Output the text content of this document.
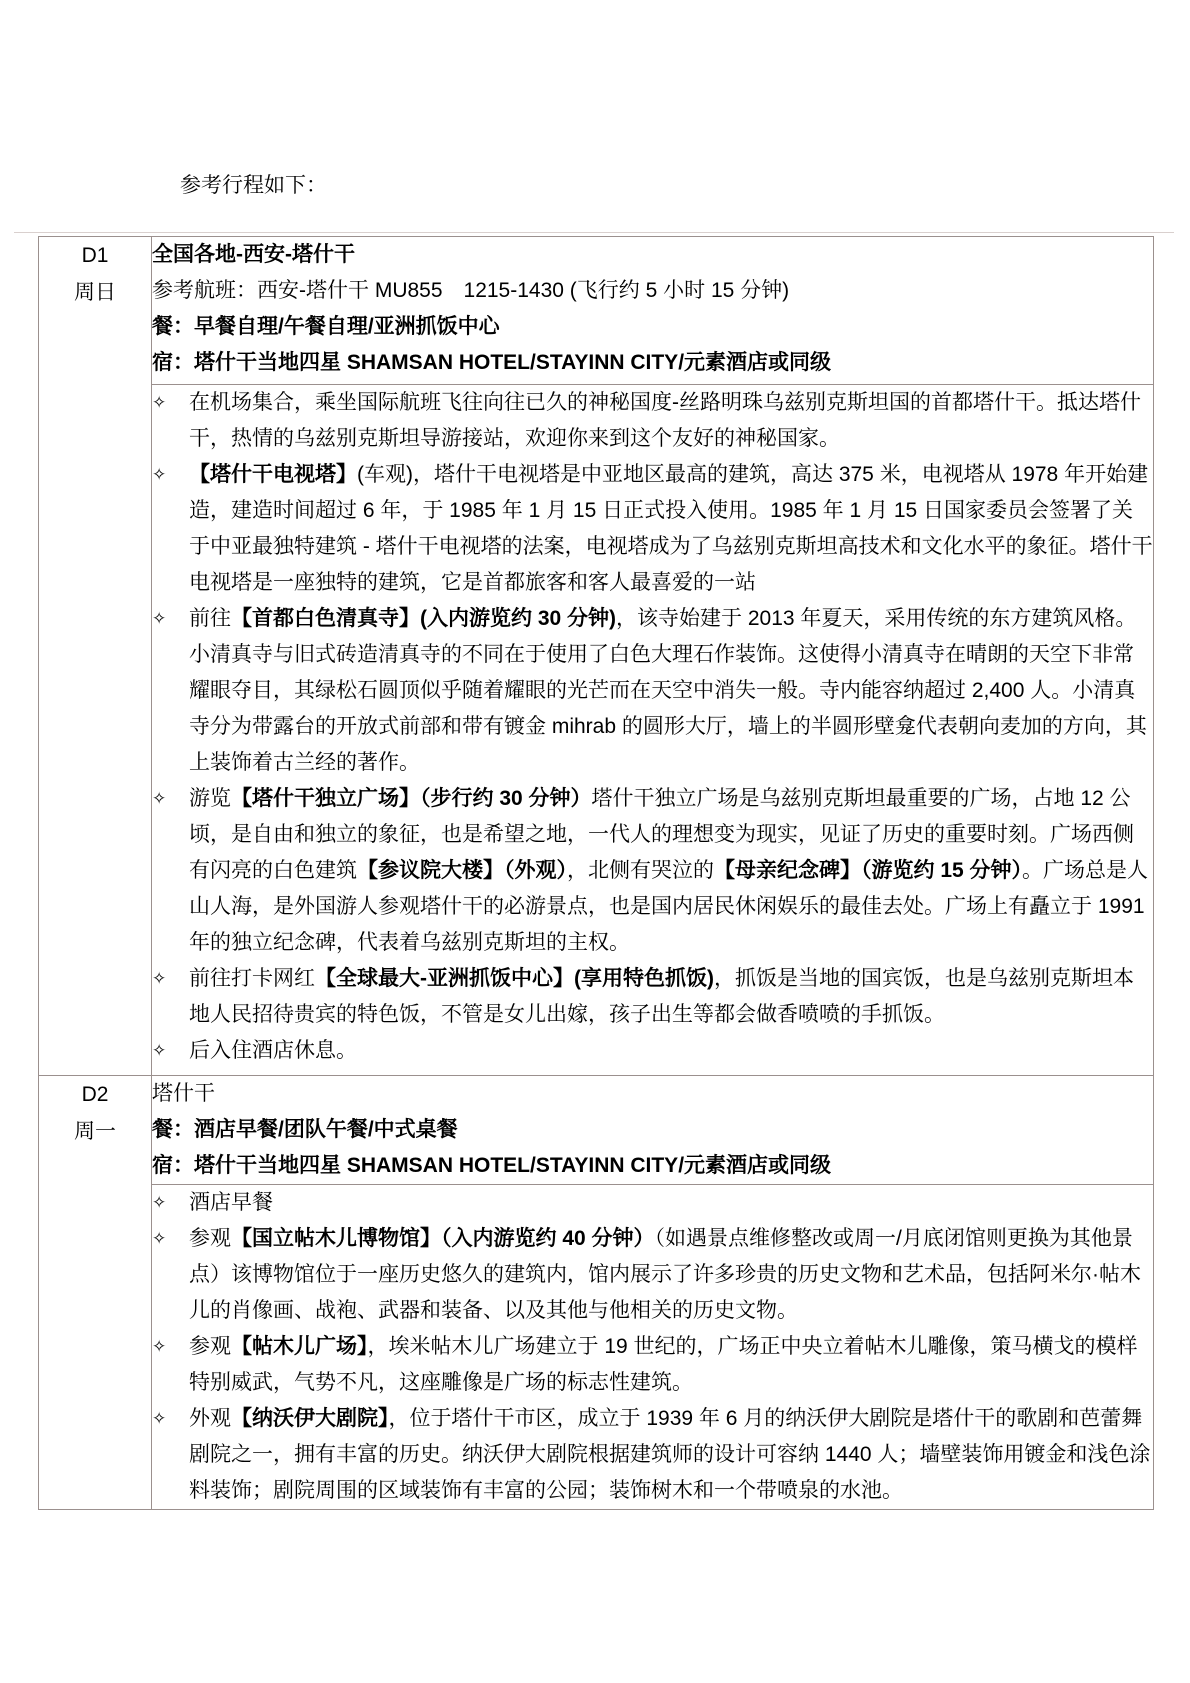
参考行程如下：
D1
周日

全国各地-西安-塔什干
参考航班：西安-塔什干 MU855　1215-1430 (飞行约 5 小时 15 分钟)
餐：早餐自理/午餐自理/亚洲抓饭中心
宿：塔什干当地四星 SHAMSAN HOTEL/STAYINN CITY/元素酒店或同级

✧	在机场集合，乘坐国际航班飞往向往已久的神秘国度-丝路明珠乌兹别克斯坦国的首都塔什干。抵达塔什干，热情的乌兹别克斯坦导游接站，欢迎你来到这个友好的神秘国家。
✧	【塔什干电视塔】(车观)，塔什干电视塔是中亚地区最高的建筑，高达 375 米，电视塔从 1978 年开始建造，建造时间超过 6 年，于 1985 年 1 月 15 日正式投入使用。1985 年 1 月 15 日国家委员会签署了关于中亚最独特建筑 - 塔什干电视塔的法案，电视塔成为了乌兹别克斯坦高技术和文化水平的象征。塔什干电视塔是一座独特的建筑，它是首都旅客和客人最喜爱的一站
✧	前往【首都白色清真寺】(入内游览约 30 分钟)，该寺始建于 2013 年夏天，采用传统的东方建筑风格。小清真寺与旧式砖造清真寺的不同在于使用了白色大理石作装饰。这使得小清真寺在晴朗的天空下非常耀眼夺目，其绿松石圆顶似乎随着耀眼的光芒而在天空中消失一般。寺内能容纳超过 2,400 人。小清真寺分为带露台的开放式前部和带有镀金 mihrab 的圆形大厅，墙上的半圆形壁龛代表朝向麦加的方向，其上装饰着古兰经的著作。
✧	游览【塔什干独立广场】（步行约 30 分钟）塔什干独立广场是乌兹别克斯坦最重要的广场，占地 12 公顷，是自由和独立的象征，也是希望之地，一代人的理想变为现实，见证了历史的重要时刻。广场西侧有闪亮的白色建筑【参议院大楼】（外观），北侧有哭泣的【母亲纪念碑】（游览约 15 分钟）。广场总是人山人海，是外国游人参观塔什干的必游景点，也是国内居民休闲娱乐的最佳去处。广场上有矗立于 1991 年的独立纪念碑，代表着乌兹别克斯坦的主权。
✧	前往打卡网红【全球最大-亚洲抓饭中心】(享用特色抓饭)，抓饭是当地的国宾饭，也是乌兹别克斯坦本地人民招待贵宾的特色饭，不管是女儿出嫁，孩子出生等都会做香喷喷的手抓饭。
✧	后入住酒店休息。

D2
周一

塔什干
餐：酒店早餐/团队午餐/中式桌餐
宿：塔什干当地四星 SHAMSAN HOTEL/STAYINN CITY/元素酒店或同级

✧	酒店早餐
✧	参观【国立帖木儿博物馆】（入内游览约 40 分钟）（如遇景点维修整改或周一/月底闭馆则更换为其他景点）该博物馆位于一座历史悠久的建筑内，馆内展示了许多珍贵的历史文物和艺术品，包括阿米尔·帖木儿的肖像画、战袍、武器和装备、以及其他与他相关的历史文物。
✧	参观【帖木儿广场】，埃米帖木儿广场建立于 19 世纪的，广场正中央立着帖木儿雕像，策马横戈的模样特别威武，气势不凡，这座雕像是广场的标志性建筑。
✧	外观【纳沃伊大剧院】，位于塔什干市区，成立于 1939 年 6 月的纳沃伊大剧院是塔什干的歌剧和芭蕾舞剧院之一，拥有丰富的历史。纳沃伊大剧院根据建筑师的设计可容纳 1440 人；墙壁装饰用镀金和浅色涂料装饰；剧院周围的区域装饰有丰富的公园；装饰树木和一个带喷泉的水池。
